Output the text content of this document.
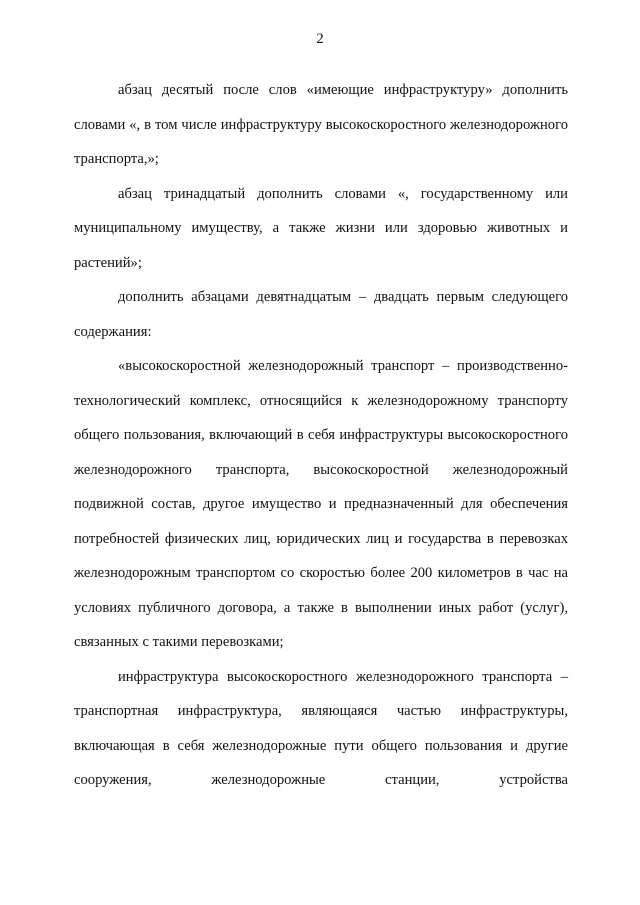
2

абзац десятый после слов «имеющие инфраструктуру» дополнить словами «, в том числе инфраструктуру высокоскоростного железнодорожного транспорта,»;

абзац тринадцатый дополнить словами «, государственному или муниципальному имуществу, а также жизни или здоровью животных и растений»;

дополнить абзацами девятнадцатым – двадцать первым следующего содержания:

«высокоскоростной железнодорожный транспорт – производственно-технологический комплекс, относящийся к железнодорожному транспорту общего пользования, включающий в себя инфраструктуры высокоскоростного железнодорожного транспорта, высокоскоростной железнодорожный подвижной состав, другое имущество и предназначенный для обеспечения потребностей физических лиц, юридических лиц и государства в перевозках железнодорожным транспортом со скоростью более 200 километров в час на условиях публичного договора, а также в выполнении иных работ (услуг), связанных с такими перевозками;

инфраструктура высокоскоростного железнодорожного транспорта – транспортная инфраструктура, являющаяся частью инфраструктуры, включающая в себя железнодорожные пути общего пользования и другие сооружения, железнодорожные станции, устройства
